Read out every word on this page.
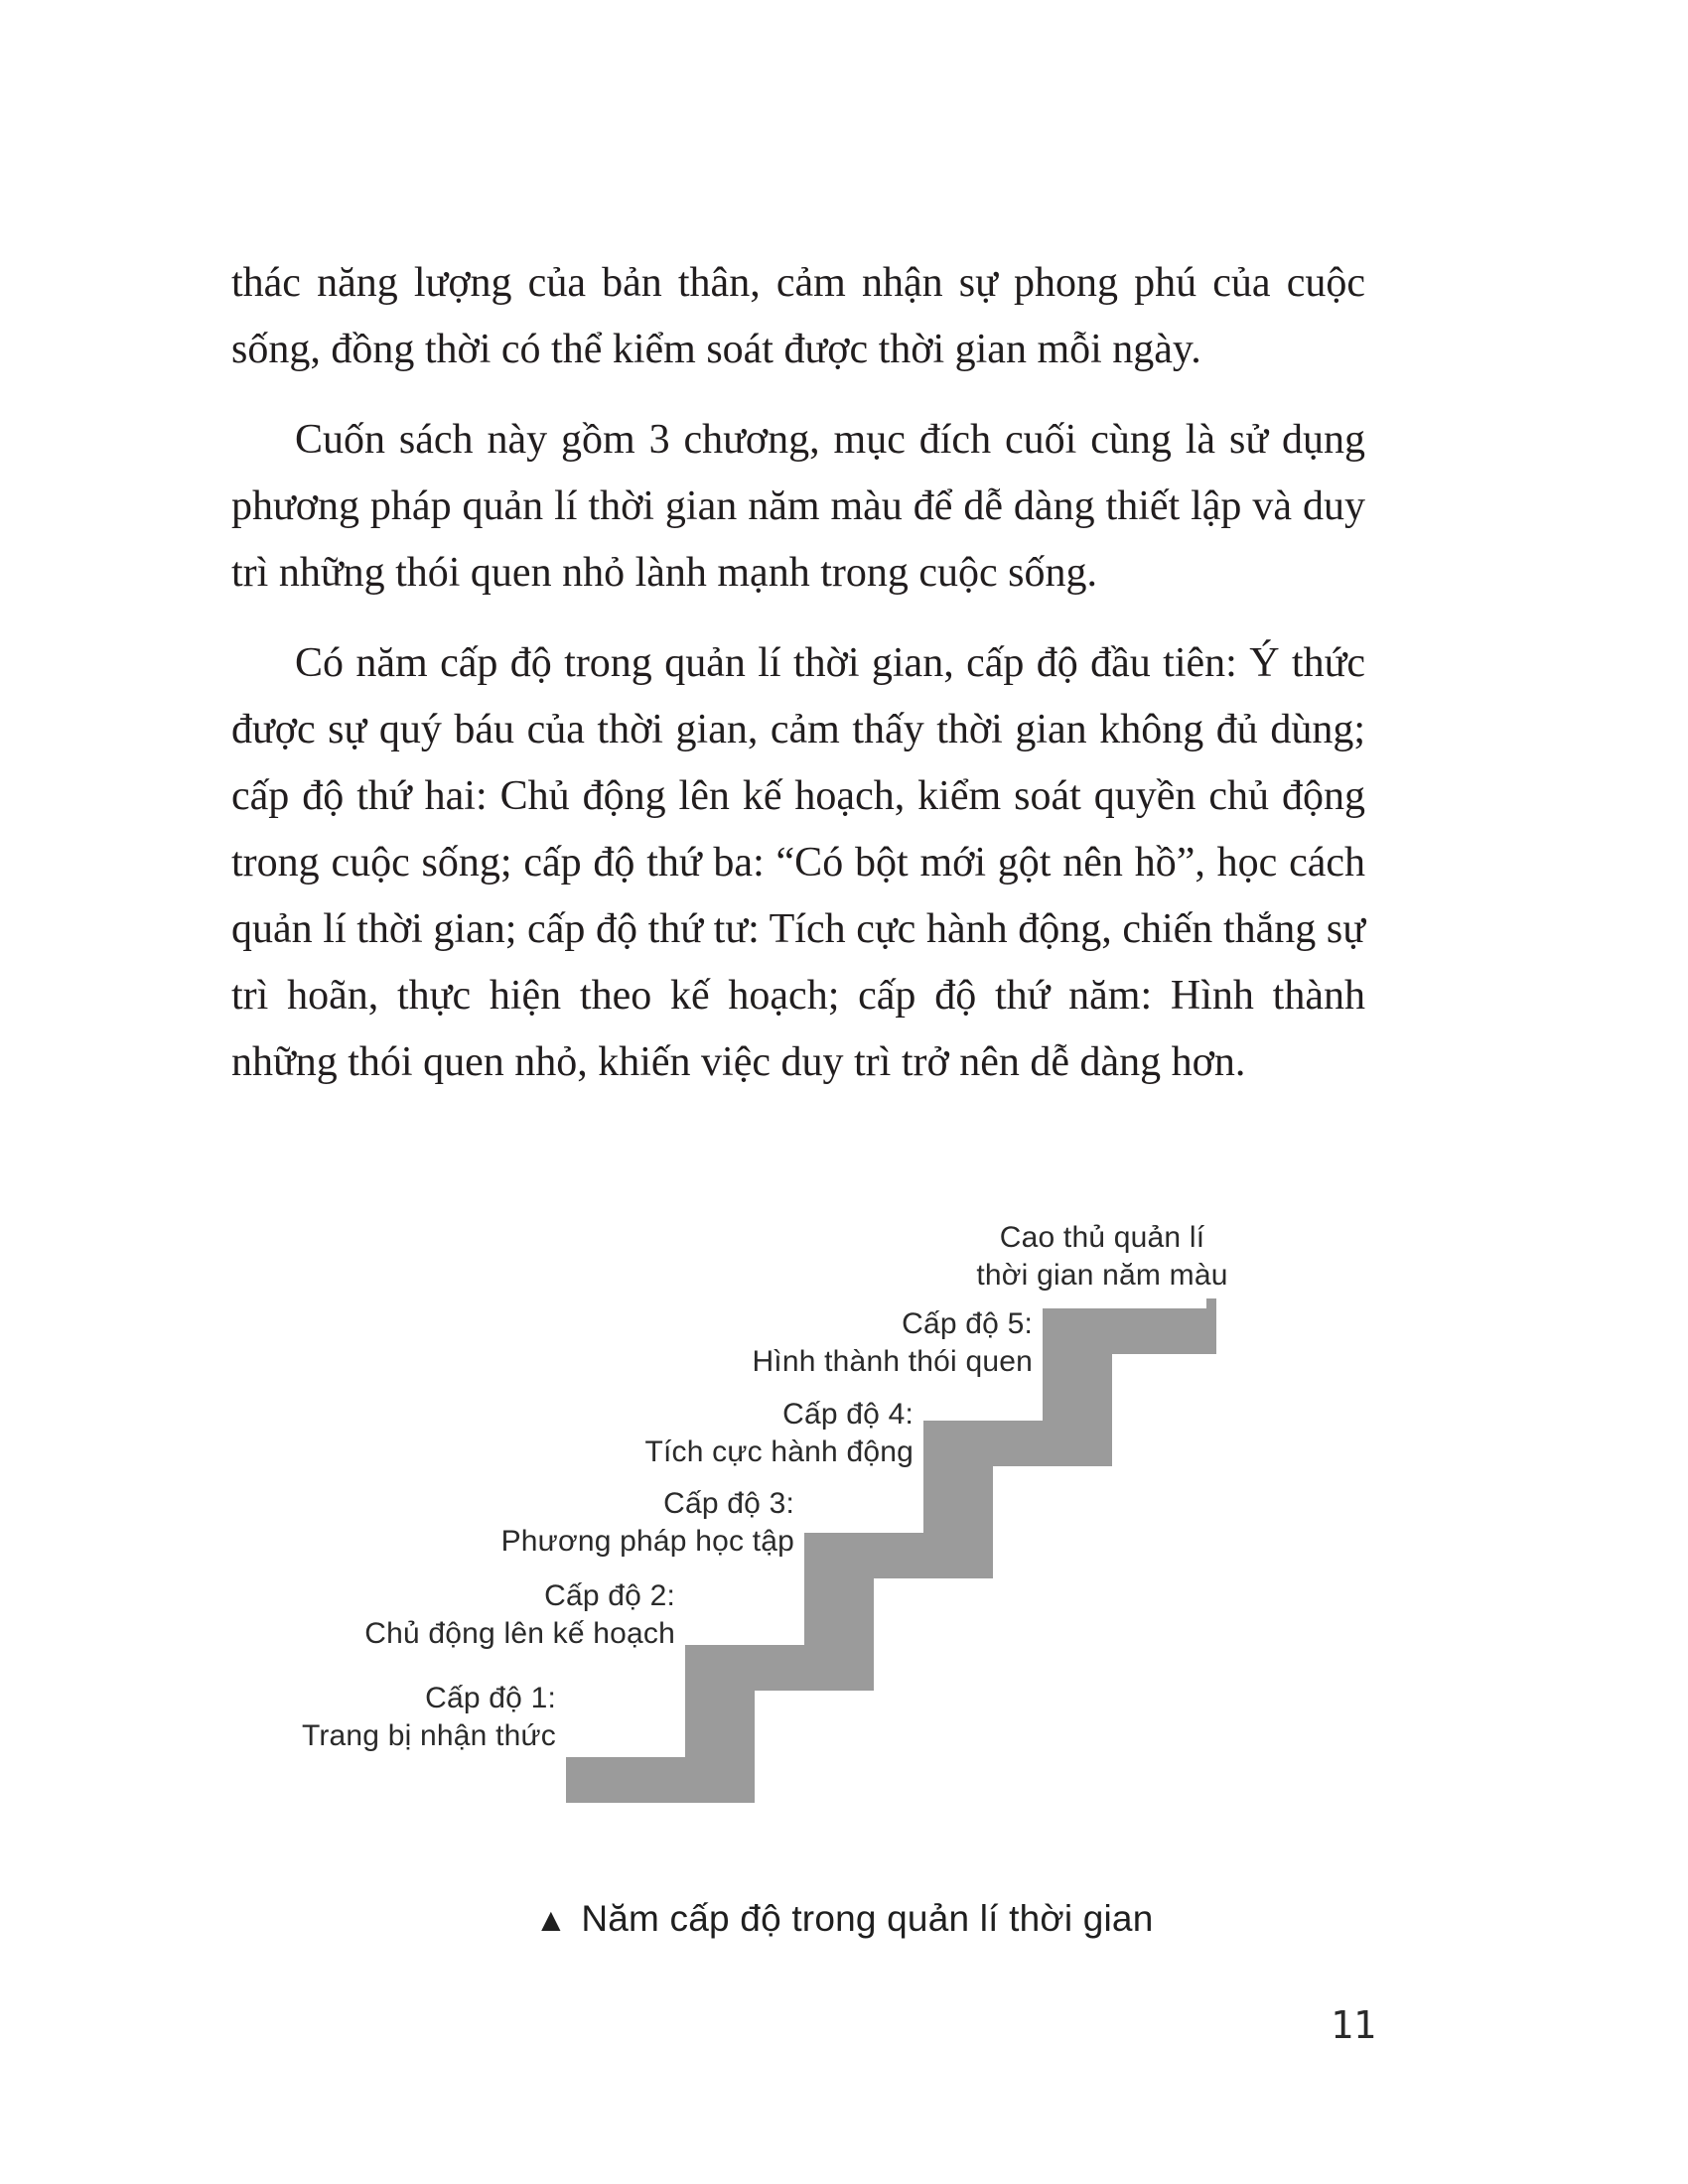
thác năng lượng của bản thân, cảm nhận sự phong phú của cuộc sống, đồng thời có thể kiểm soát được thời gian mỗi ngày.

Cuốn sách này gồm 3 chương, mục đích cuối cùng là sử dụng phương pháp quản lí thời gian năm màu để dễ dàng thiết lập và duy trì những thói quen nhỏ lành mạnh trong cuộc sống.

Có năm cấp độ trong quản lí thời gian, cấp độ đầu tiên: Ý thức được sự quý báu của thời gian, cảm thấy thời gian không đủ dùng; cấp độ thứ hai: Chủ động lên kế hoạch, kiểm soát quyền chủ động trong cuộc sống; cấp độ thứ ba: “Có bột mới gột nên hồ”, học cách quản lí thời gian; cấp độ thứ tư: Tích cực hành động, chiến thắng sự trì hoãn, thực hiện theo kế hoạch; cấp độ thứ năm: Hình thành những thói quen nhỏ, khiến việc duy trì trở nên dễ dàng hơn.

Cấp độ 1:
Trang bị nhận thức
Cấp độ 2:
Chủ động lên kế hoạch
Cấp độ 3:
Phương pháp học tập
Cấp độ 4:
Tích cực hành động
Cấp độ 5:
Hình thành thói quen
Cao thủ quản lí
thời gian năm màu
▲ Năm cấp độ trong quản lí thời gian
11
